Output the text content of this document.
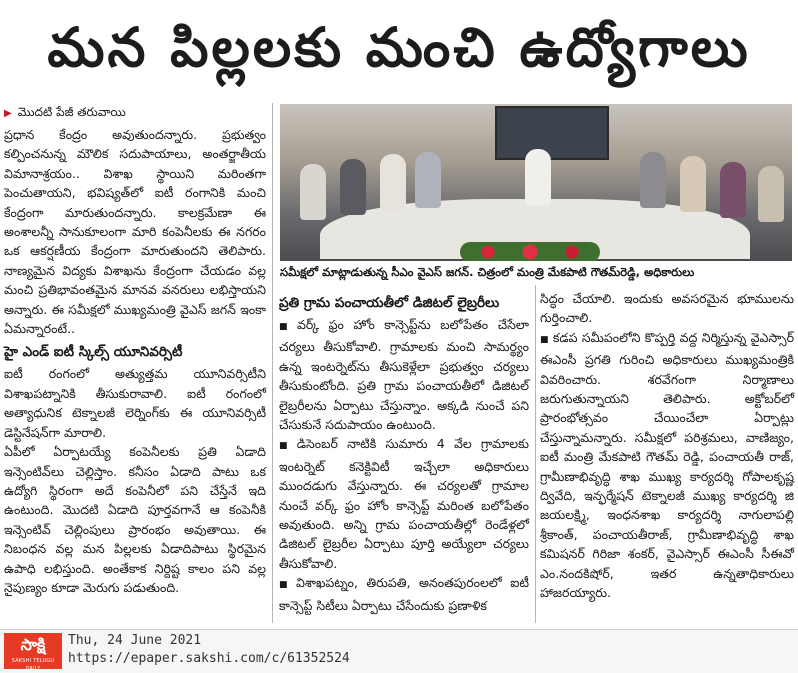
మన పిల్లలకు మంచి ఉద్యోగాలు
▶ మొదటి పేజీ తరువాయి

ప్రధాన కేంద్రం అవుతుందన్నారు. ప్రభుత్వం కల్పించనున్న మౌలిక సదుపాయాలు, అంతర్జాతీయ విమానాశ్రయం.. విశాఖ స్థాయిని మరింతగా పెంచుతాయని, భవిష్యత్‌లో ఐటీ రంగానికి మంచి కేంద్రంగా మారుతుందన్నారు. కాలక్రమేణా ఈ అంశాలన్నీ సానుకూలంగా మారి కంపెనీలకు ఈ నగరం ఒక ఆకర్షణీయ కేంద్రంగా మారుతుందని తెలిపారు. నాణ్యమైన విద్యకు విశాఖను కేంద్రంగా చేయడం వల్ల మంచి ప్రతిభావంతమైన మానవ వనరులు లభిస్తాయని అన్నారు. ఈ సమీక్షలో ముఖ్యమంత్రి వైఎస్‌ జగన్‌ ఇంకా ఏమన్నారంటే..

హై ఎండ్‌ ఐటీ స్కిల్స్‌ యూనివర్సిటీ

ఐటీ రంగంలో అత్యుత్తమ యూనివర్సిటీని విశాఖపట్నానికి తీసుకురావాలి. ఐటీ రంగంలో అత్యాధునిక టెక్నాలజీ లెర్నింగ్‌కు ఈ యూనివర్సిటీ డెస్టినేషన్‌గా మారాలి.

ఏపీలో ఏర్పాటయ్యే కంపెనీలకు ప్రతి ఏడాది ఇన్సెంటివ్‌లు చెల్లిస్తాం. కనీసం ఏడాది పాటు ఒక ఉద్యోగి స్థిరంగా అదే కంపెనీలో పని చేస్తేనే ఇది ఉంటుంది. మొదటి ఏడాది పూర్తవగానే ఆ కంపెనీకి ఇన్సెంటివ్‌ చెల్లింపులు ప్రారంభం అవుతాయి. ఈ నిబంధన వల్ల మన పిల్లలకు ఏడాదిపాటు స్థిరమైన ఉపాధి లభిస్తుంది. అంతేకాక నిర్దిష్ట కాలం పని వల్ల నైపుణ్యం కూడా మెరుగు పడుతుంది.

సమీక్షలో మాట్లాడుతున్న సీఎం వైఎస్‌ జగన్‌. చిత్రంలో మంత్రి మేకపాటి గౌతమ్‌రెడ్డి, అధికారులు
ప్రతి గ్రామ పంచాయతీలో డిజిటల్‌ లైబ్రరీలు

■ వర్క్‌ ఫ్రం హోం కాన్సెప్ట్‌ను బలోపేతం చేసేలా చర్యలు తీసుకోవాలి. గ్రామాలకు మంచి సామర్థ్యం ఉన్న ఇంటర్నెట్‌ను తీసుకెళ్లేలా ప్రభుత్వం చర్యలు తీసుకుంటోంది. ప్రతి గ్రామ పంచాయతీలో డిజిటల్‌ లైబ్రరీలను ఏర్పాటు చేస్తున్నాం. అక్కడి నుంచే పని చేసుకునే సదుపాయం ఉంటుంది.

■ డిసెంబర్‌ నాటికి సుమారు 4 వేల గ్రామాలకు ఇంటర్నెట్‌ కనెక్టివిటీ ఇచ్చేలా అధికారులు ముందడుగు వేస్తున్నారు. ఈ చర్యలతో గ్రామాల నుంచే వర్క్‌ ఫ్రం హోం కాన్సెప్ట్‌ మరింత బలోపేతం అవుతుంది. అన్ని గ్రామ పంచాయతీల్లో రెండేళ్లలో డిజిటల్‌ లైబ్రరీల ఏర్పాటు పూర్తి అయ్యేలా చర్యలు తీసుకోవాలి.

■ విశాఖపట్నం, తిరుపతి, అనంతపురంలలో ఐటీ కాన్సెప్ట్‌ సిటీలు ఏర్పాటు చేసేందుకు ప్రణాళిక

సిద్ధం చేయాలి. ఇందుకు అవసరమైన భూములను గుర్తించాలి.

■ కడప సమీపంలోని కొప్పర్తి వద్ద నిర్మిస్తున్న వైఎస్సార్‌ ఈఎంసీ ప్రగతి గురించి అధికారులు ముఖ్యమంత్రికి వివరించారు. శరవేగంగా నిర్మాణాలు జరుగుతున్నాయని తెలిపారు. అక్టోబర్‌లో ప్రారంభోత్సవం చేయించేలా ఏర్పాట్లు చేస్తున్నామన్నారు. సమీక్షలో పరిశ్రమలు, వాణిజ్యం, ఐటీ మంత్రి మేకపాటి గౌతమ్‌ రెడ్డి, పంచాయతీ రాజ్‌, గ్రామీణాభివృద్ధి శాఖ ముఖ్య కార్యదర్శి గోపాలకృష్ణ ద్వివేది, ఇన్ఫర్మేషన్‌ టెక్నాలజీ ముఖ్య కార్యదర్శి జి జయలక్ష్మి, ఇంధనశాఖ కార్యదర్శి నాగులాపల్లి శ్రీకాంత్‌, పంచాయతీరాజ్‌, గ్రామీణాభివృద్ధి శాఖ కమిషనర్‌ గిరిజా శంకర్‌, వైఎస్సార్‌ ఈఎంసీ సీఈవో ఎం.నందకిషోర్‌, ఇతర ఉన్నతాధికారులు హాజరయ్యారు.

సాక్షి
SAKSHI TELUGU DAILY
Thu, 24 June 2021
https://epaper.sakshi.com/c/61352524
